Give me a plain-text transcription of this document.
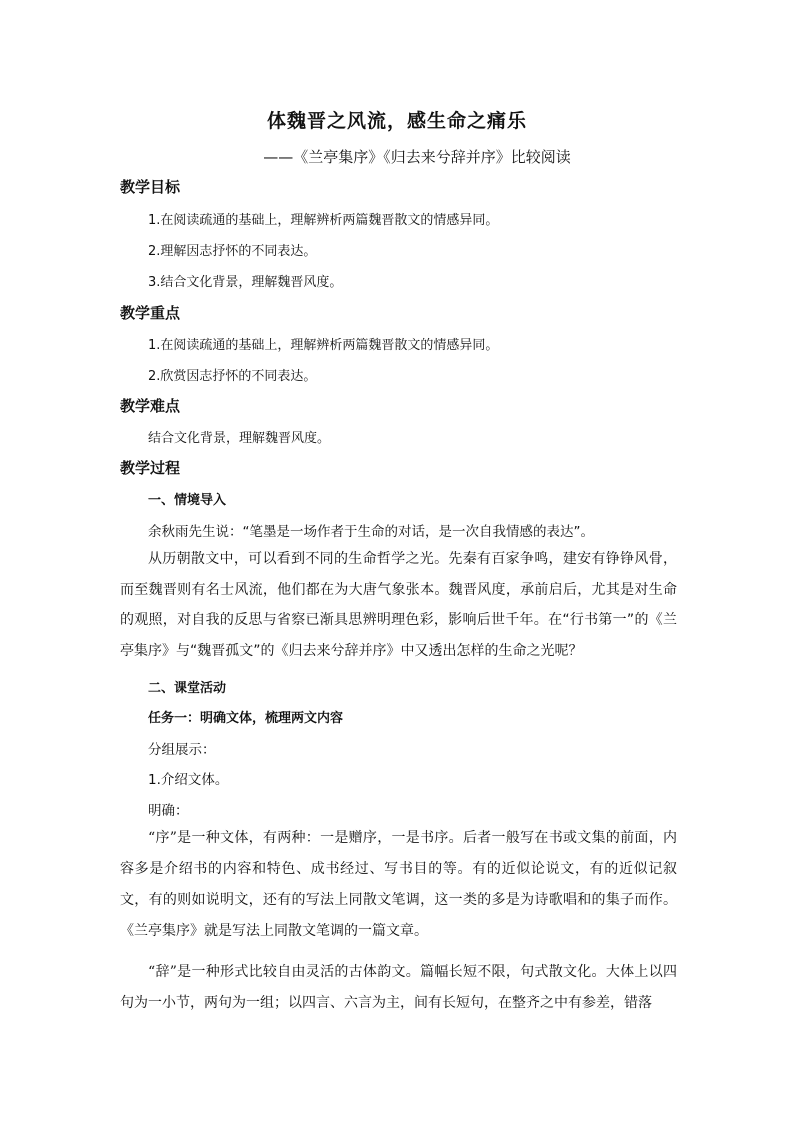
体魏晋之风流，感生命之痛乐
——《兰亭集序》《归去来兮辞并序》比较阅读
教学目标
1.在阅读疏通的基础上，理解辨析两篇魏晋散文的情感异同。
2.理解因志抒怀的不同表达。
3.结合文化背景，理解魏晋风度。
教学重点
1.在阅读疏通的基础上，理解辨析两篇魏晋散文的情感异同。
2.欣赏因志抒怀的不同表达。
教学难点
结合文化背景，理解魏晋风度。
教学过程
一、情境导入
余秋雨先生说：“笔墨是一场作者于生命的对话，是一次自我情感的表达”。

从历朝散文中，可以看到不同的生命哲学之光。先秦有百家争鸣，建安有铮铮风骨，而至魏晋则有名士风流，他们都在为大唐气象张本。魏晋风度，承前启后，尤其是对生命的观照，对自我的反思与省察已渐具思辨明理色彩，影响后世千年。在“行书第一”的《兰亭集序》与“魏晋孤文”的《归去来兮辞并序》中又透出怎样的生命之光呢？

二、课堂活动
任务一：明确文体，梳理两文内容
分组展示：
1.介绍文体。
明确：

“序”是一种文体，有两种：一是赠序，一是书序。后者一般写在书或文集的前面，内容多是介绍书的内容和特色、成书经过、写书目的等。有的近似论说文，有的近似记叙文，有的则如说明文，还有的写法上同散文笔调，这一类的多是为诗歌唱和的集子而作。《兰亭集序》就是写法上同散文笔调的一篇文章。

“辞”是一种形式比较自由灵活的古体韵文。篇幅长短不限，句式散文化。大体上以四句为一小节，两句为一组；以四言、六言为主，间有长短句，在整齐之中有参差，错落
